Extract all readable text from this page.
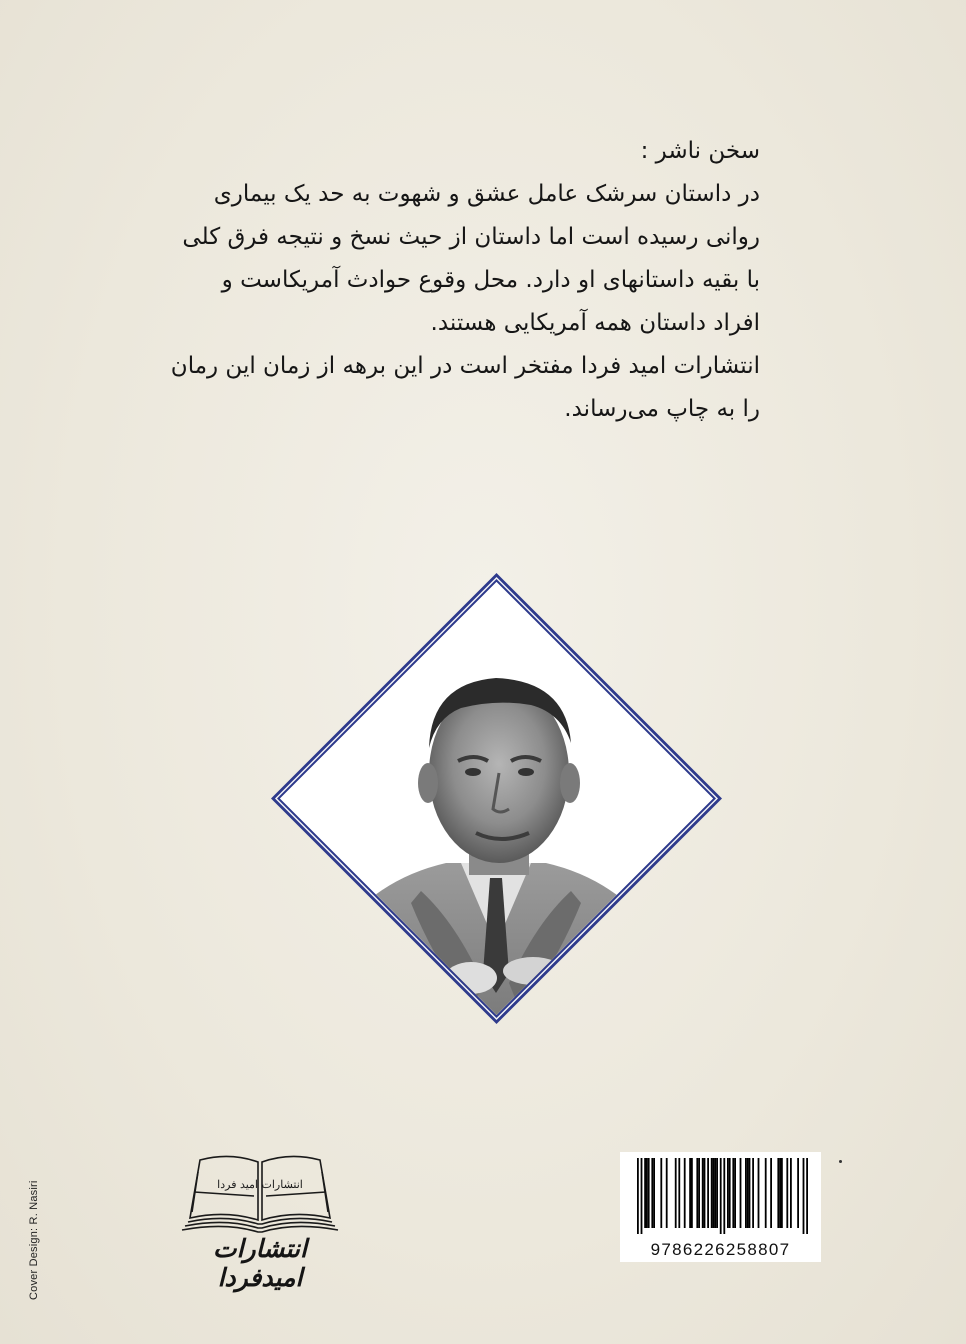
سخن ناشر :

در داستان سرشک عامل عشق و شهوت به حد یک بیماری

روانی رسیده است اما داستان از حیث نسخ و نتیجه فرق کلی

با بقیه داستانهای او دارد. محل وقوع حوادث آمریکاست و

افراد داستان همه آمریکایی هستند.

انتشارات امید فردا مفتخر است در این برهه از زمان این رمان

را به چاپ می‌رساند.

Cover Design: R. Nasiri	انتشارات امید فردا
انتشارات امیدفردا
9786226258807
